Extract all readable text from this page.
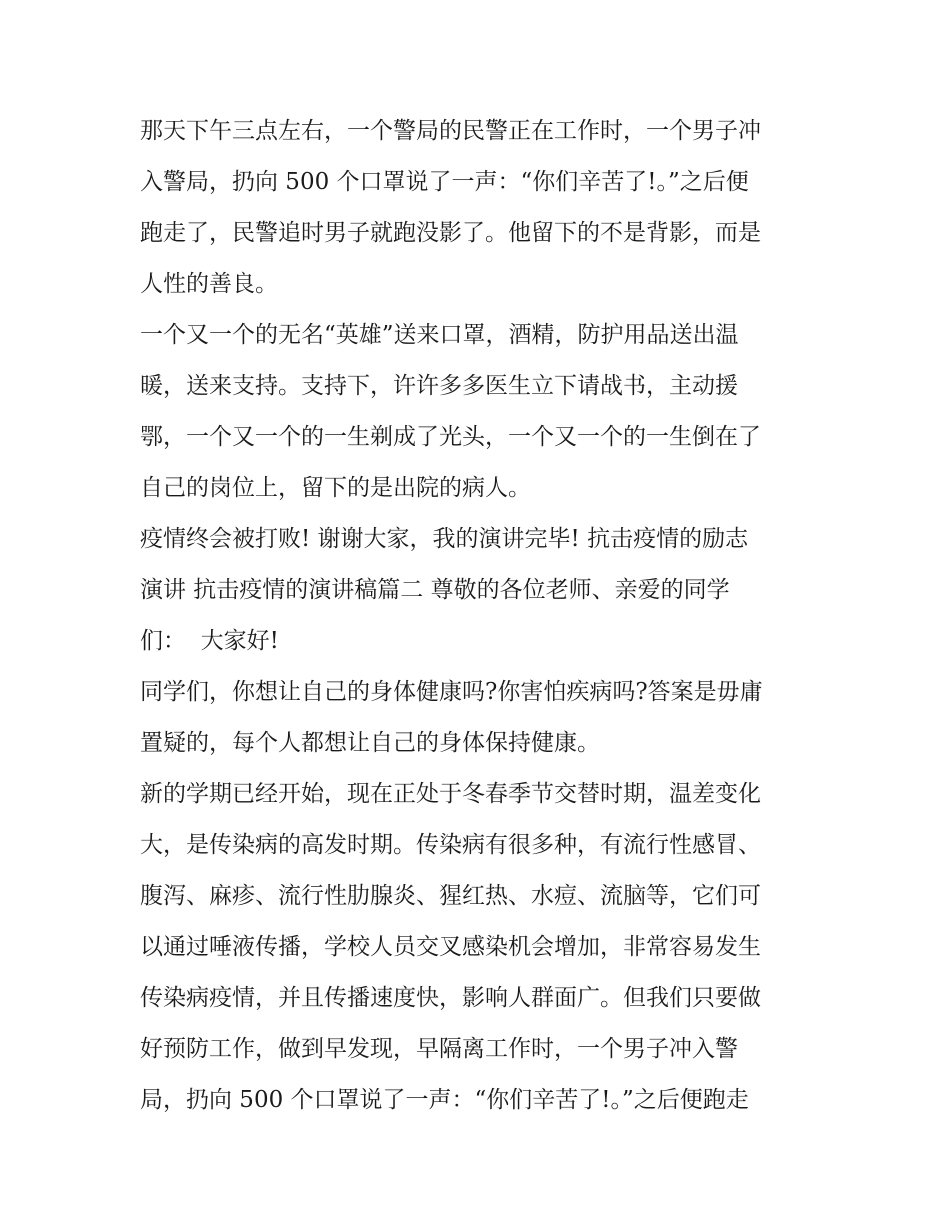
那天下午三点左右，一个警局的民警正在工作时，一个男子冲
入警局，扔向 500 个口罩说了一声：“你们辛苦了!。”之后便
跑走了，民警追时男子就跑没影了。他留下的不是背影，而是
人性的善良。
一个又一个的无名“英雄”送来口罩，酒精，防护用品送出温
暖，送来支持。支持下，许许多多医生立下请战书，主动援
鄂，一个又一个的一生剃成了光头，一个又一个的一生倒在了
自己的岗位上，留下的是出院的病人。
疫情终会被打败! 谢谢大家，我的演讲完毕! 抗击疫情的励志
演讲 抗击疫情的演讲稿篇二 尊敬的各位老师、亲爱的同学
们：  大家好!
同学们，你想让自己的身体健康吗?你害怕疾病吗?答案是毋庸
置疑的，每个人都想让自己的身体保持健康。
新的学期已经开始，现在正处于冬春季节交替时期，温差变化
大，是传染病的高发时期。传染病有很多种，有流行性感冒、
腹泻、麻疹、流行性肋腺炎、猩红热、水痘、流脑等，它们可
以通过唾液传播，学校人员交叉感染机会增加，非常容易发生
传染病疫情，并且传播速度快，影响人群面广。但我们只要做
好预防工作，做到早发现，早隔离工作时，一个男子冲入警
局，扔向 500 个口罩说了一声：“你们辛苦了!。”之后便跑走
